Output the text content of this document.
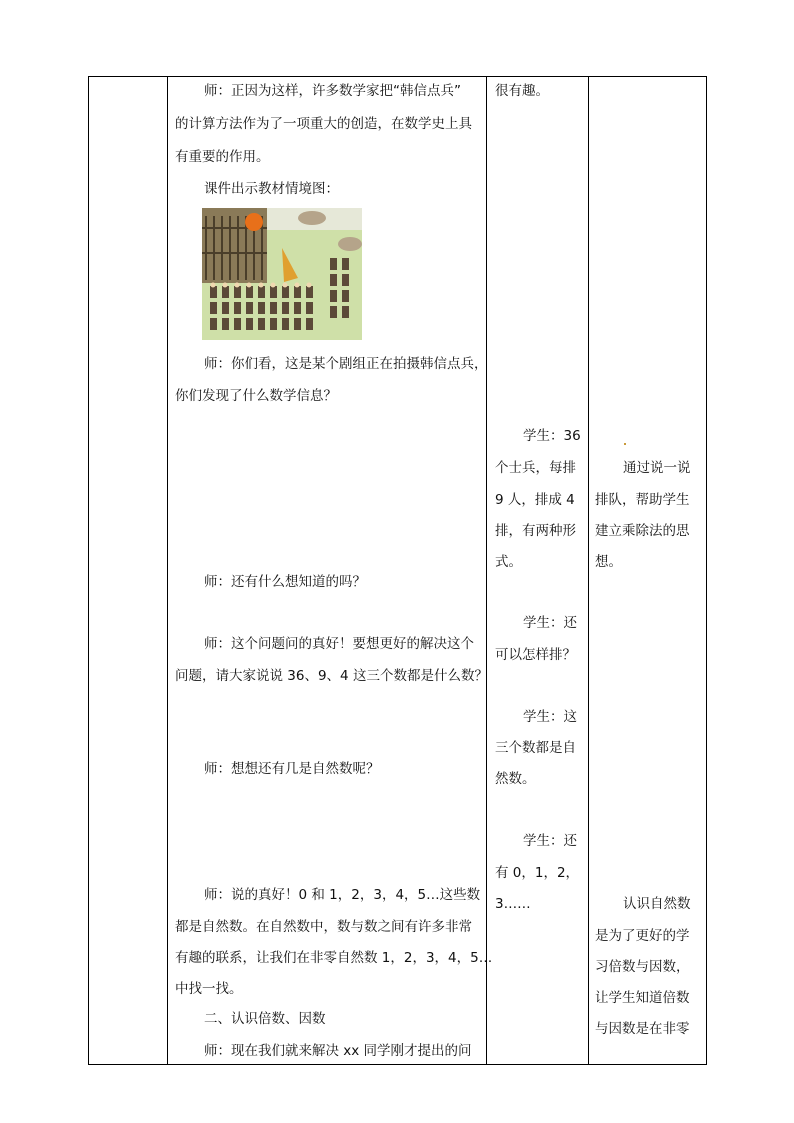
师：正因为这样，许多数学家把“韩信点兵”
的计算方法作为了一项重大的创造，在数学史上具
有重要的作用。
课件出示教材情境图：
师：你们看，这是某个剧组正在拍摄韩信点兵，
你们发现了什么数学信息？
师：还有什么想知道的吗？
师：这个问题问的真好！要想更好的解决这个
问题，请大家说说 36、9、4 这三个数都是什么数？
师：想想还有几是自然数呢？
师：说的真好！0 和 1，2，3，4，5…这些数
都是自然数。在自然数中，数与数之间有许多非常
有趣的联系，让我们在非零自然数 1，2，3，4，5…
中找一找。
二、认识倍数、因数
师：现在我们就来解决 xx 同学刚才提出的问
很有趣。
学生：36
个士兵，每排
9 人，排成 4
排，有两种形
式。
学生：还
可以怎样排？
学生：这
三个数都是自
然数。
学生：还
有 0，1，2，
3……
通过说一说
排队，帮助学生
建立乘除法的思
想。
认识自然数
是为了更好的学
习倍数与因数，
让学生知道倍数
与因数是在非零
